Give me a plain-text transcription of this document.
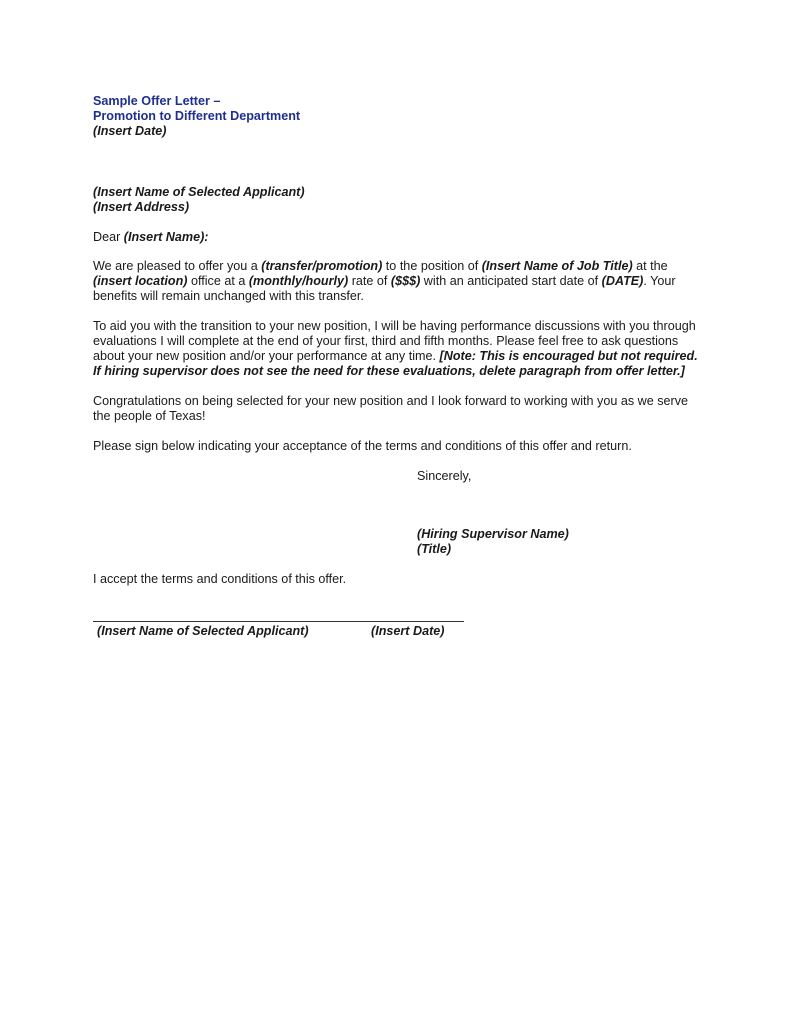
Sample Offer Letter –
Promotion to Different Department
(Insert Date)
(Insert Name of Selected Applicant)
(Insert Address)

Dear (Insert Name):

We are pleased to offer you a (transfer/promotion) to the position of (Insert Name of Job Title) at the (insert location) office at a (monthly/hourly) rate of ($$$) with an anticipated start date of (DATE). Your benefits will remain unchanged with this transfer.

To aid you with the transition to your new position, I will be having performance discussions with you through evaluations I will complete at the end of your first, third and fifth months. Please feel free to ask questions about your new position and/or your performance at any time. [Note: This is encouraged but not required. If hiring supervisor does not see the need for these evaluations, delete paragraph from offer letter.]

Congratulations on being selected for your new position and I look forward to working with you as we serve the people of Texas!

Please sign below indicating your acceptance of the terms and conditions of this offer and return.

Sincerely,
(Hiring Supervisor Name)
(Title)

I accept the terms and conditions of this offer.

(Insert Name of Selected Applicant)	(Insert Date)
